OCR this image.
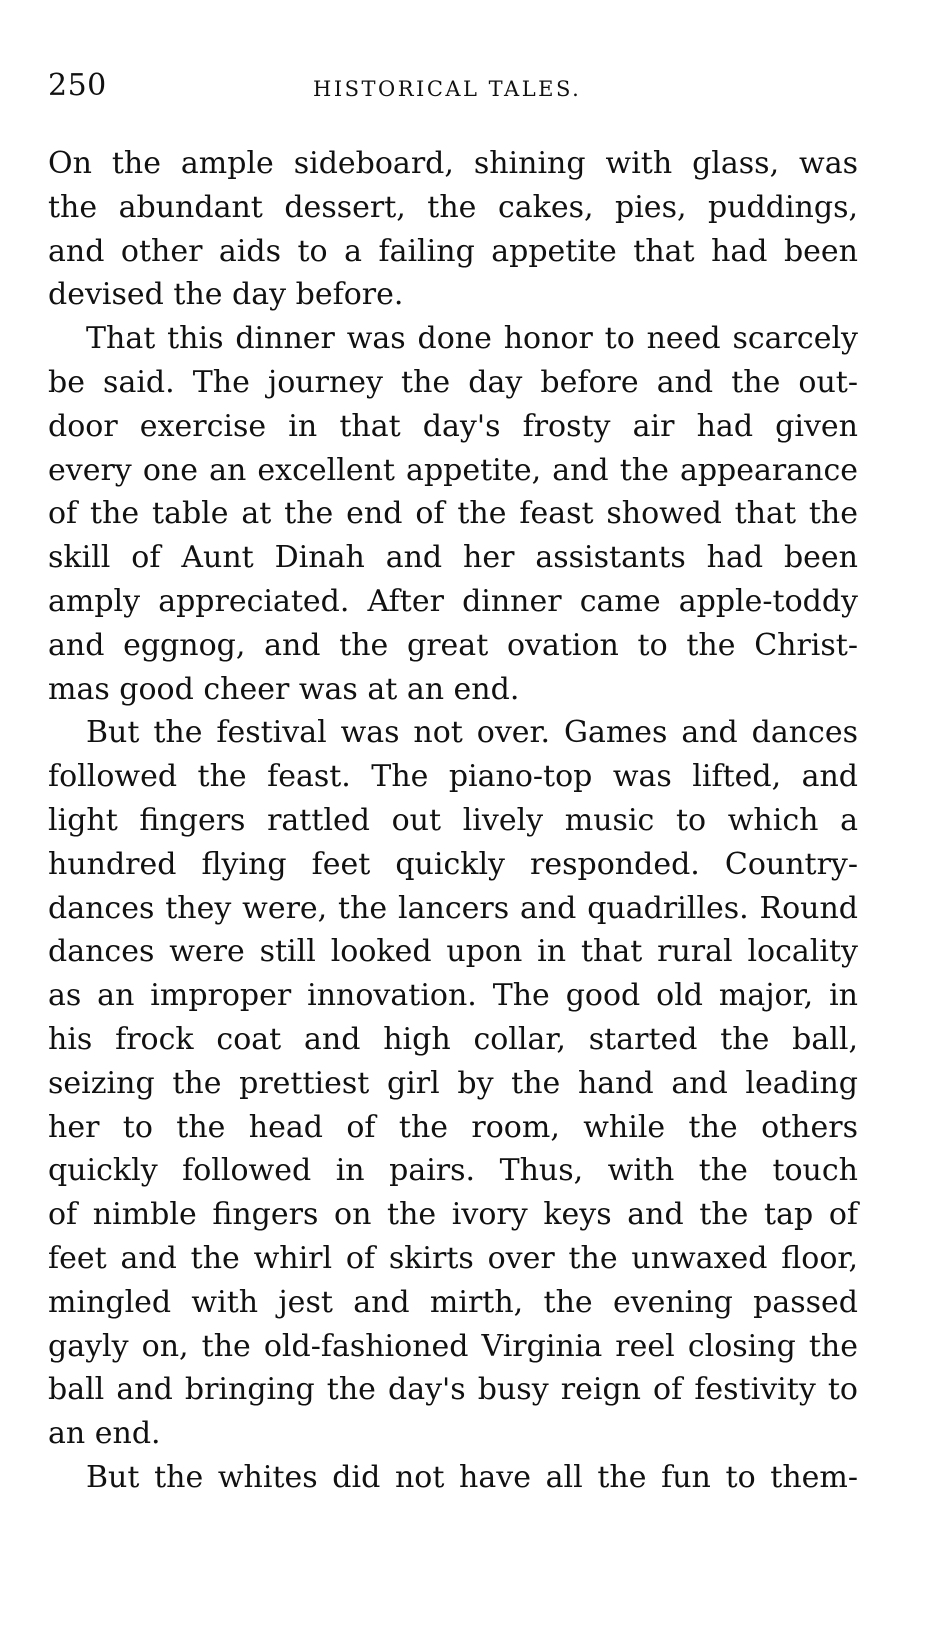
250	HISTORICAL TALES.
On the ample sideboard, shining with glass, was
the abundant dessert, the cakes, pies, puddings,
and other aids to a failing appetite that had been
devised the day before.
That this dinner was done honor to need scarcely
be said. The journey the day before and the out-
door exercise in that day's frosty air had given
every one an excellent appetite, and the appearance
of the table at the end of the feast showed that the
skill of Aunt Dinah and her assistants had been
amply appreciated. After dinner came apple-toddy
and eggnog, and the great ovation to the Christ-
mas good cheer was at an end.
But the festival was not over. Games and dances
followed the feast. The piano-top was lifted, and
light fingers rattled out lively music to which a
hundred flying feet quickly responded. Country-
dances they were, the lancers and quadrilles. Round
dances were still looked upon in that rural locality
as an improper innovation. The good old major, in
his frock coat and high collar, started the ball,
seizing the prettiest girl by the hand and leading
her to the head of the room, while the others
quickly followed in pairs. Thus, with the touch
of nimble fingers on the ivory keys and the tap of
feet and the whirl of skirts over the unwaxed floor,
mingled with jest and mirth, the evening passed
gayly on, the old-fashioned Virginia reel closing the
ball and bringing the day's busy reign of festivity to
an end.
But the whites did not have all the fun to them-
